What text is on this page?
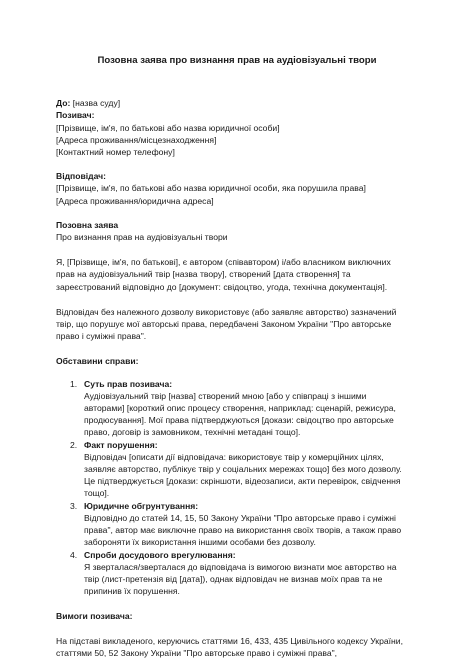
Позовна заява про визнання прав на аудіовізуальні твори
До: [назва суду]
Позивач:
[Прізвище, ім'я, по батькові або назва юридичної особи]
[Адреса проживання/місцезнаходження]
[Контактний номер телефону]
Відповідач:
[Прізвище, ім'я, по батькові або назва юридичної особи, яка порушила права]
[Адреса проживання/юридична адреса]
Позовна заява
Про визнання прав на аудіовізуальні твори
Я, [Прізвище, ім'я, по батькові], є автором (співавтором) і/або власником виключних
прав на аудіовізуальний твір [назва твору], створений [дата створення] та
зареєстрований відповідно до [документ: свідоцтво, угода, технічна документація].
Відповідач без належного дозволу використовує (або заявляє авторство) зазначений
твір, що порушує мої авторські права, передбачені Законом України "Про авторське
право і суміжні права".
Обставини справи:
1. Суть прав позивача:
Аудіовізуальний твір [назва] створений мною [або у співпраці з іншими
авторами] [короткий опис процесу створення, наприклад: сценарій, режисура,
продюсування]. Мої права підтверджуються [докази: свідоцтво про авторське
право, договір із замовником, технічні метадані тощо].
2. Факт порушення:
Відповідач [описати дії відповідача: використовує твір у комерційних цілях,
заявляє авторство, публікує твір у соціальних мережах тощо] без мого дозволу.
Це підтверджується [докази: скріншоти, відеозаписи, акти перевірок, свідчення
тощо].
3. Юридичне обгрунтування:
Відповідно до статей 14, 15, 50 Закону України "Про авторське право і суміжні
права", автор має виключне право на використання своїх творів, а також право
забороняти їх використання іншими особами без дозволу.
4. Спроби досудового врегулювання:
Я зверталася/зверталася до відповідача із вимогою визнати моє авторство на
твір (лист-претензія від [дата]), однак відповідач не визнав моїх прав та не
припинив їх порушення.
Вимоги позивача:
На підставі викладеного, керуючись статтями 16, 433, 435 Цивільного кодексу України,
статтями 50, 52 Закону України "Про авторське право і суміжні права",
